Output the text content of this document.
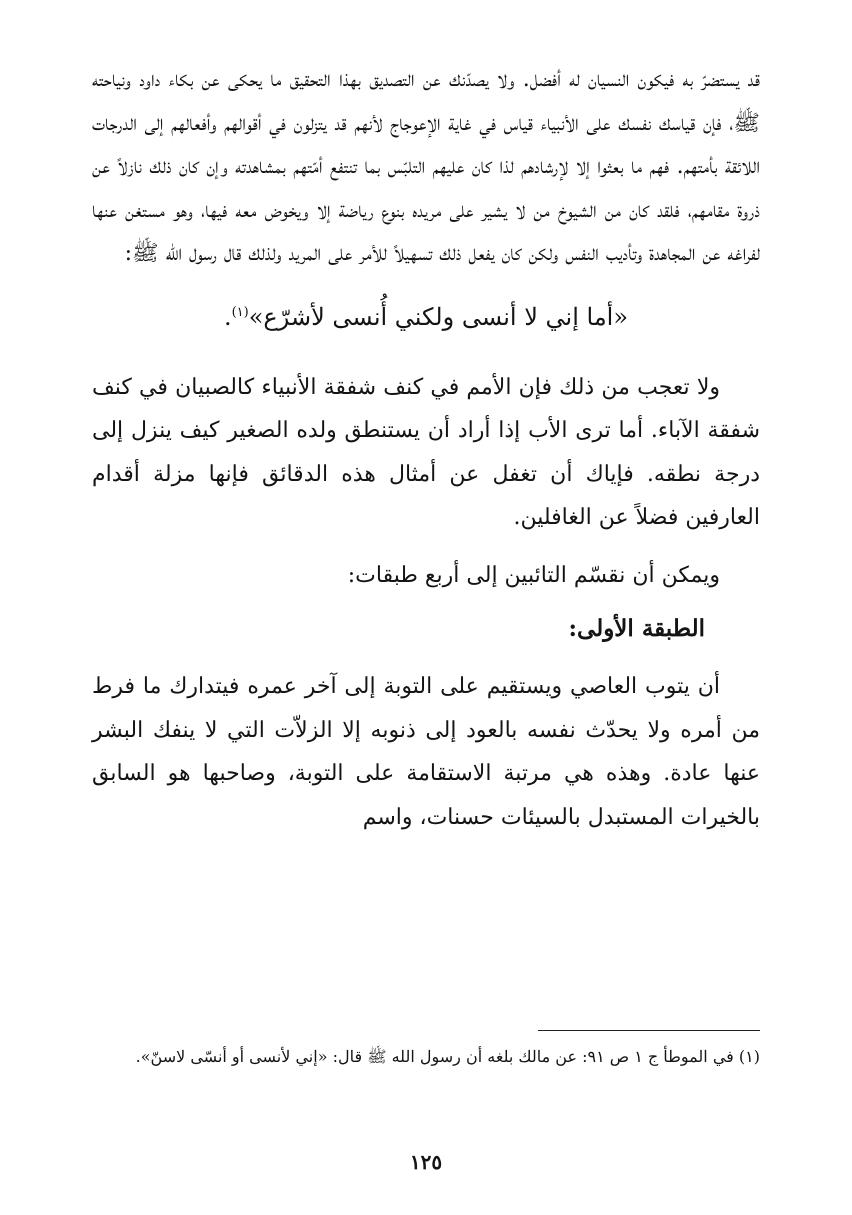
قد يستضرّ به فيكون النسيان له أفضل. ولا يصدّنك عن التصديق بهذا التحقيق ما يحكى عن بكاء داود ونياحته ﷺ، فإن قياسك نفسك على الأنبياء قياس في غاية الإعوجاج لأنهم قد يتزلون في أقوالهم وأفعالهم إلى الدرجات اللائقة بأمتهم. فهم ما بعثوا إلا لإرشادهم لذا كان عليهم التلبّس بما تنتفع أمّتهم بمشاهدته وإن كان ذلك نازلاً عن ذروة مقامهم، فلقد كان من الشيوخ من لا يشير على مريده بنوع رياضة إلا ويخوض معه فيها، وهو مستغن عنها لفراغه عن المجاهدة وتأديب النفس ولكن كان يفعل ذلك تسهيلاً للأمر على المريد ولذلك قال رسول الله ﷺ:

«أما إني لا أنسى ولكني أُنسى لأشرّع»$^{(١)}$.

ولا تعجب من ذلك فإن الأمم في كنف شفقة الأنبياء كالصبيان في كنف شفقة الآباء. أما ترى الأب إذا أراد أن يستنطق ولده الصغير كيف ينزل إلى درجة نطقه. فإياك أن تغفل عن أمثال هذه الدقائق فإنها مزلة أقدام العارفين فضلاً عن الغافلين.

ويمكن أن نقسّم التائبين إلى أربع طبقات:

الطبقة الأولى:

أن يتوب العاصي ويستقيم على التوبة إلى آخر عمره فيتدارك ما فرط من أمره ولا يحدّث نفسه بالعود إلى ذنوبه إلا الزلاّت التي لا ينفك البشر عنها عادة. وهذه هي مرتبة الاستقامة على التوبة، وصاحبها هو السابق بالخيرات المستبدل بالسيئات حسنات، واسم

(١) في الموطأ ج ١ ص ٩١: عن مالك بلغه أن رسول الله ﷺ قال: «إني لأنسى أو أنسّى لاسنّ».
١٢٥
